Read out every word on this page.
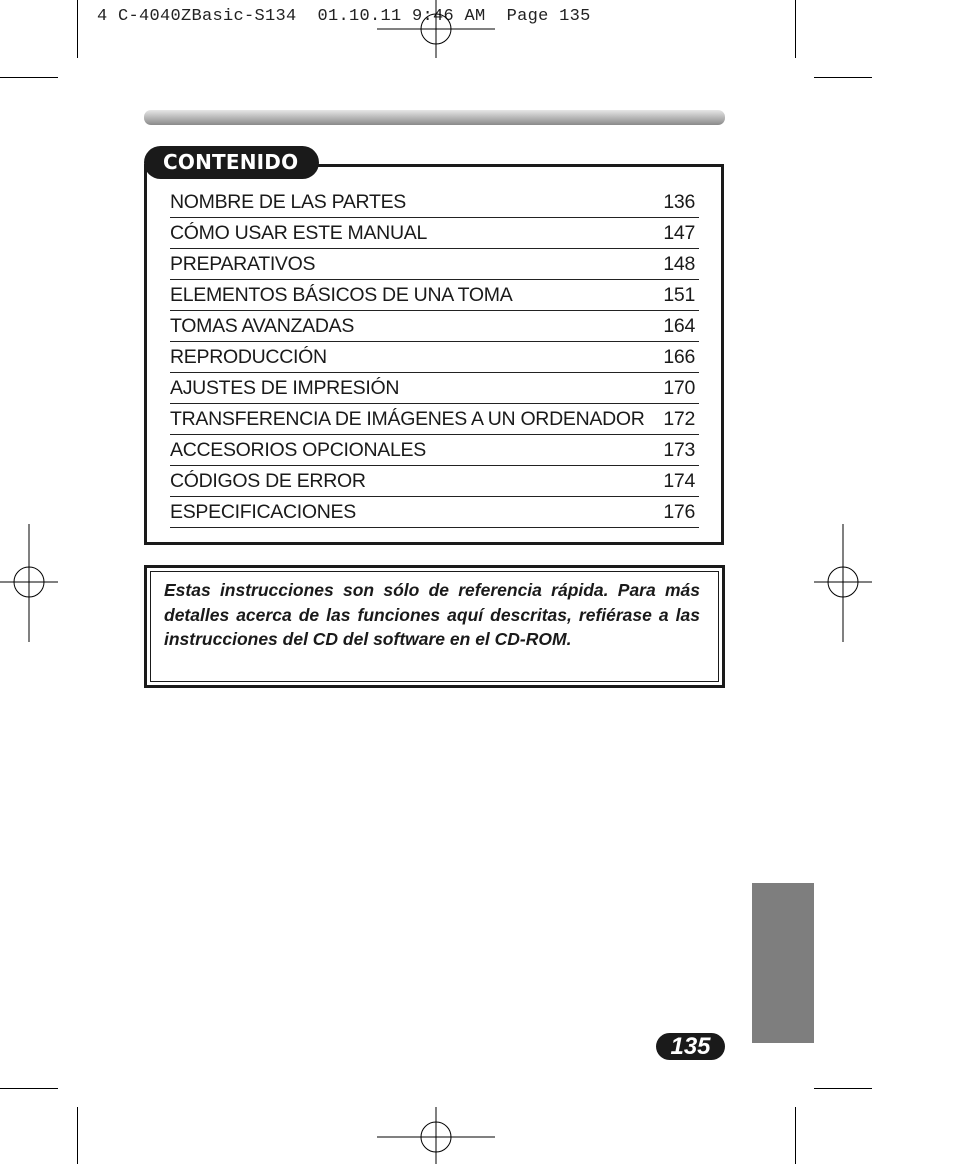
4 C-4040ZBasic-S134  01.10.11 9:46 AM  Page 135
CONTENIDO
NOMBRE DE LAS PARTES	136
CÓMO USAR ESTE MANUAL	147
PREPARATIVOS	148
ELEMENTOS BÁSICOS DE UNA TOMA	151
TOMAS AVANZADAS	164
REPRODUCCIÓN	166
AJUSTES DE IMPRESIÓN	170
TRANSFERENCIA DE IMÁGENES A UN ORDENADOR 172
ACCESORIOS OPCIONALES	173
CÓDIGOS DE ERROR	174
ESPECIFICACIONES	176
Estas instrucciones son sólo de referencia rápida. Para más detalles acerca de las funciones aquí descritas, refiérase a las instrucciones del CD del software en el CD-ROM.
135
